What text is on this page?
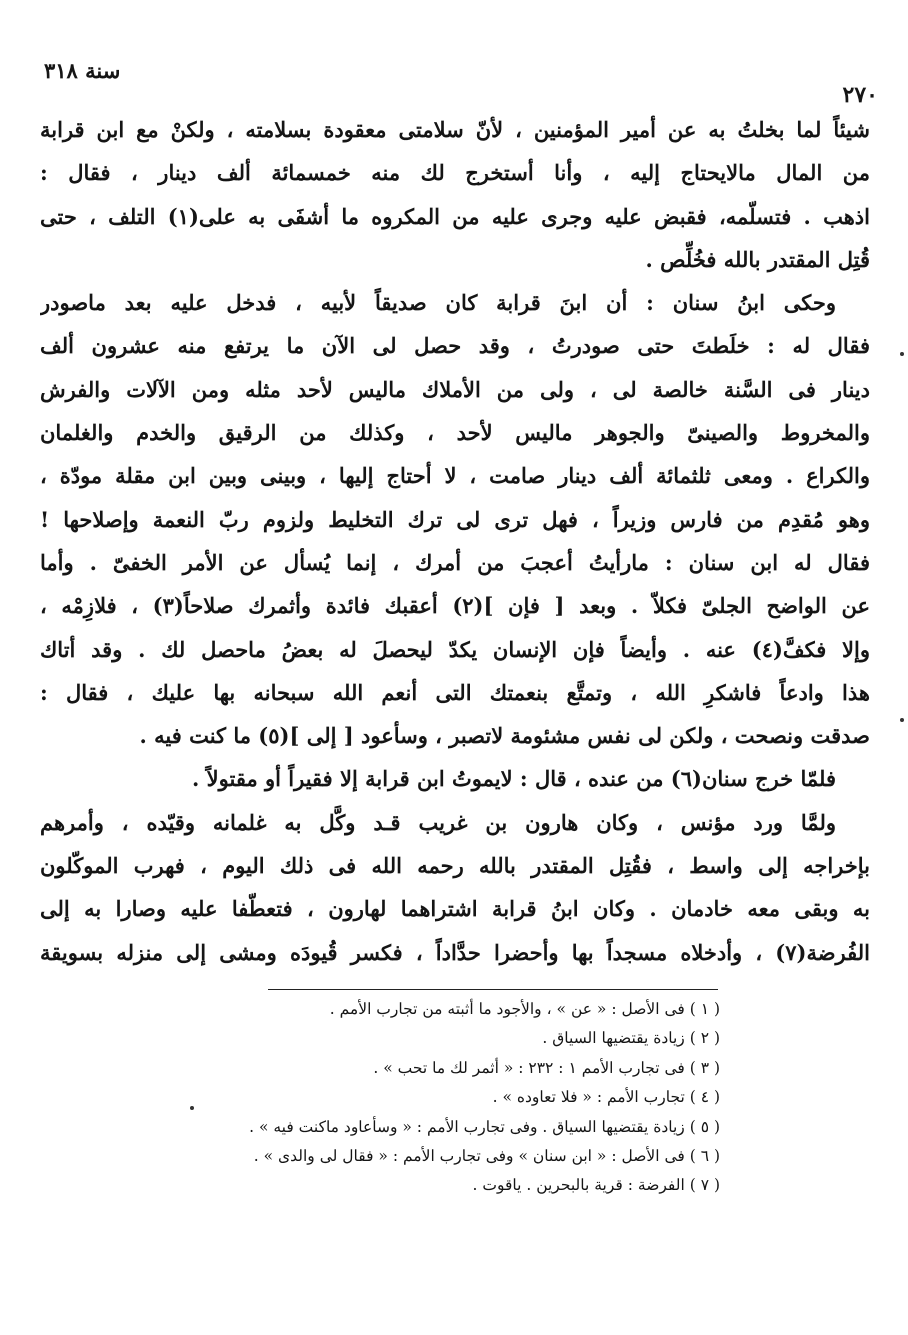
سنة ٣١٨
٢٧٠
شيئاً لما بخلتُ به عن أمير المؤمنين ، لأنّ سلامتى معقودة بسلامته ، ولكنْ مع ابن قرابة
من المال مالايحتاج إليه ، وأنا أستخرج لك منه خمسمائة ألف دينار ، فقال :
اذهب . فتسلّمه، فقبض عليه وجرى عليه من المكروه ما أشفَى به على(١) التلف ، حتى
قُتِل المقتدر بالله فخُلِّص .
وحكى ابنُ سنان : أن ابنَ قرابة كان صديقاً لأبيه ، فدخل عليه بعد ماصودر
فقال له : خلَطتَ حتى صودرتُ ، وقد حصل لى الآن ما يرتفع منه عشرون ألف
دينار فى السَّنة خالصة لى ، ولى من الأملاك ماليس لأحد مثله ومن الآلات والفرش
والمخروط والصينىّ والجوهر ماليس لأحد ، وكذلك من الرقيق والخدم والغلمان
والكراع . ومعى ثلثمائة ألف دينار صامت ، لا أحتاج إليها ، وبينى وبين ابن مقلة مودّة ،
وهو مُقدِم من فارس وزيراً ، فهل ترى لى ترك التخليط ولزوم ربّ النعمة وإصلاحها !
فقال له ابن سنان : مارأيتُ أعجبَ من أمرك ، إنما يُسأل عن الأمر الخفىّ . وأما
عن الواضح الجلىّ فكلاّ . وبعد [ فإن ](٢) أعقبك فائدة وأثمرك صلاحاً(٣) ، فلازِمْه ،
وإلا فكفَّ(٤) عنه . وأيضاً فإن الإنسان يكدّ ليحصلَ له بعضُ ماحصل لك . وقد أتاك
هذا وادعاً فاشكرِ الله ، وتمتَّع بنعمتك التى أنعم الله سبحانه بها عليك ، فقال :
صدقت ونصحت ، ولكن لى نفس مشئومة لاتصبر ، وسأعود [ إلى ](٥) ما كنت فيه .
فلمّا خرج سنان(٦) من عنده ، قال : لايموتُ ابن قرابة إلا فقيراً أو مقتولاً .
ولمَّا ورد مؤنس ، وكان هارون بن غريب قـد وكَّل به غلمانه وقيّده ، وأمرهم
بإخراجه إلى واسط ، فقُتِل المقتدر بالله رحمه الله فى ذلك اليوم ، فهرب الموكّلون
به وبقى معه خادمان . وكان ابنُ قرابة اشتراهما لهارون ، فتعطّفا عليه وصارا به إلى
الفُرضة(٧) ، وأدخلاه مسجداً بها وأحضرا حدَّاداً ، فكسر قُيودَه ومشى إلى منزله بسويقة
( ١ ) فى الأصل : « عن » ، والأجود ما أثبته من تجارب الأمم .
( ٢ ) زيادة يقتضيها السياق .
( ٣ ) فى تجارب الأمم ١ : ٢٣٢ : « أثمر لك ما تحب » .
( ٤ ) تجارب الأمم : « فلا تعاوده » .
( ٥ ) زيادة يقتضيها السياق . وفى تجارب الأمم : « وسأعاود ماكنت فيه » .
( ٦ ) فى الأصل : « ابن سنان » وفى تجارب الأمم : « فقال لى والدى » .
( ٧ ) الفرضة : قرية بالبحرين . ياقوت .
